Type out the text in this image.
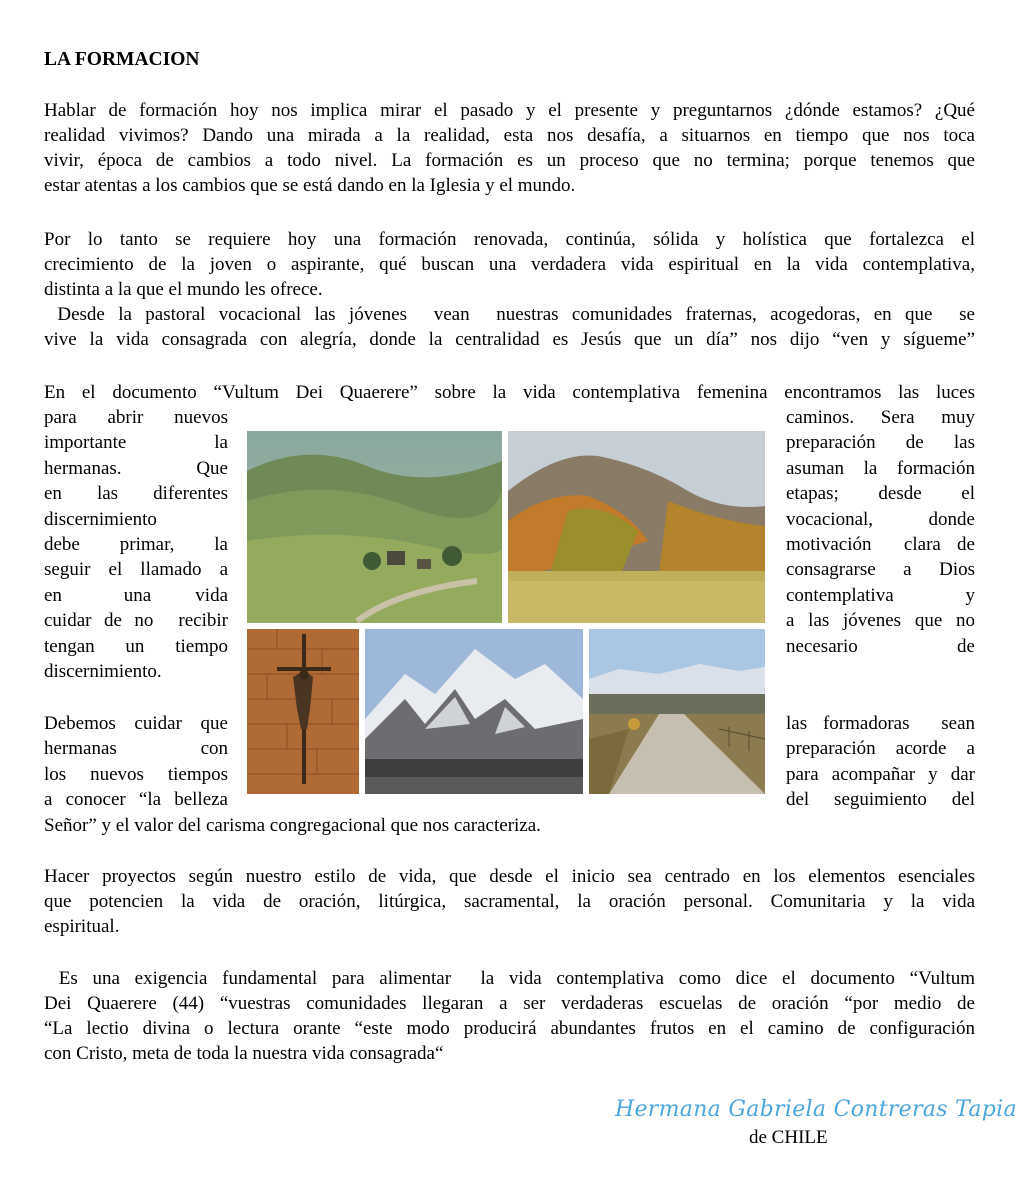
LA FORMACION
Hablar de formación hoy nos implica mirar el pasado y el presente y preguntarnos ¿dónde estamos? ¿Qué
realidad vivimos? Dando una mirada a la realidad, esta nos desafía, a situarnos en tiempo que nos toca
vivir, época de cambios a todo nivel. La formación es un proceso que no termina; porque tenemos que
estar atentas a los cambios que se está dando en la Iglesia y el mundo.
Por lo tanto se requiere hoy una formación renovada, continúa, sólida y holística que fortalezca el
crecimiento de la joven o aspirante, qué buscan una verdadera vida espiritual en la vida contemplativa,
distinta a la que el mundo les ofrece.
Desde la pastoral vocacional las jóvenes  vean  nuestras comunidades fraternas, acogedoras, en que  se
vive la vida consagrada con alegría, donde la centralidad es Jesús que un día” nos dijo “ven y sígueme”
En el documento “Vultum Dei Quaerere” sobre la vida contemplativa femenina encontramos las luces
para  abrir  nuevos
importante         la
hermanas.        Que
en   las   diferentes
discernimiento
debe    primar,    la
seguir el llamado a
en       una     vida
cuidar de no  recibir
tengan  un  tiempo
discernimiento.
caminos.  Sera  muy
preparación  de  las
asuman la formación
etapas;     desde     el
vocacional,      donde
motivación  clara de
consagrarse  a  Dios
contemplativa         y
a las jóvenes que no
necesario             de
Debemos cuidar que
hermanas            con
los   nuevos   tiempos
a conocer “la belleza
las formadoras  sean
preparación acorde a
para acompañar y dar
del   seguimiento   del
Señor” y el valor del carisma congregacional que nos caracteriza.
Hacer proyectos según nuestro estilo de vida, que desde el inicio sea centrado en los elementos esenciales
que potencien la vida de oración, litúrgica, sacramental, la oración personal. Comunitaria y la vida
espiritual.
Es una exigencia fundamental para alimentar  la vida contemplativa como dice el documento “Vultum
Dei Quaerere (44) “vuestras comunidades llegaran a ser verdaderas escuelas de oración “por medio de
“La lectio divina o lectura orante “este modo producirá abundantes frutos en el camino de configuración
con Cristo, meta de toda la nuestra vida consagrada“
Hermana Gabriela Contreras Tapia
de CHILE
